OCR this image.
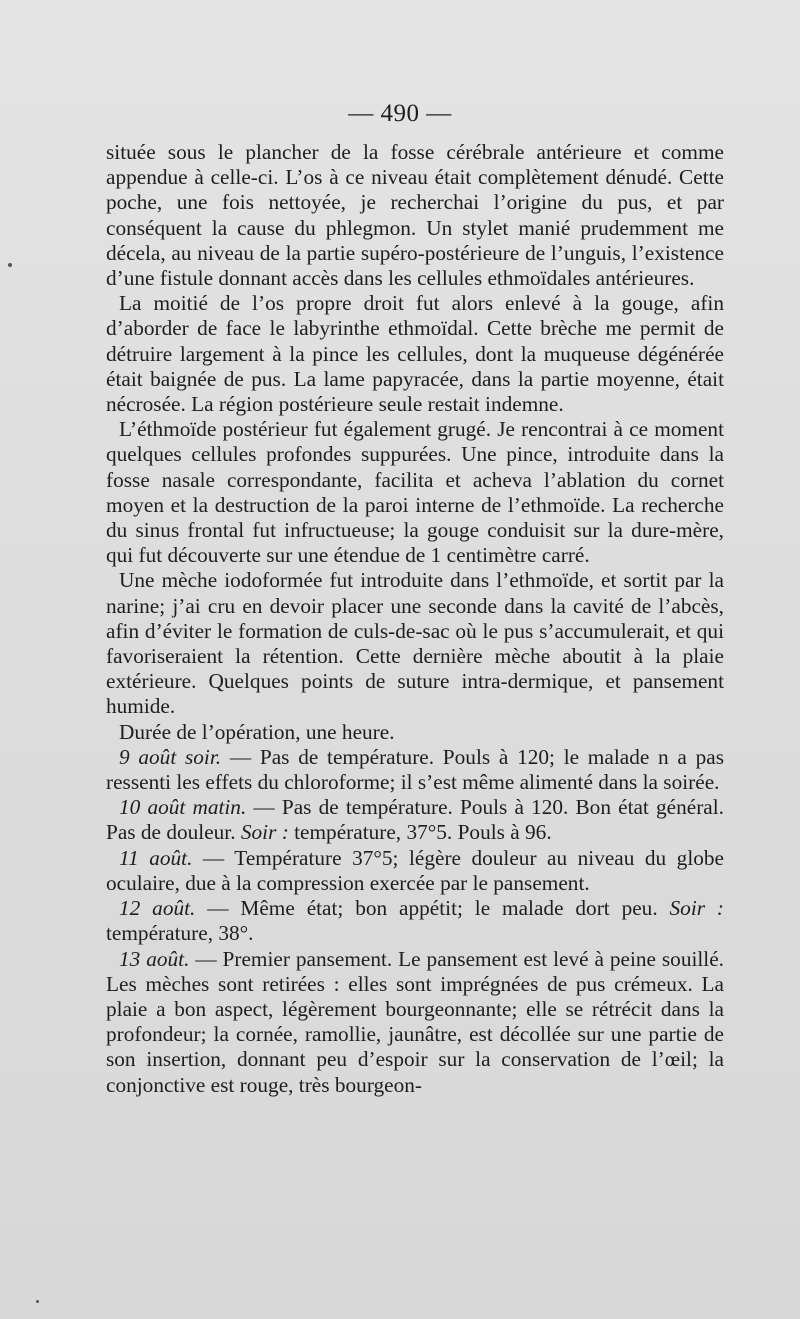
— 490 —

située sous le plancher de la fosse cérébrale antérieure et comme appendue à celle-ci. L’os à ce niveau était complètement dénudé. Cette poche, une fois nettoyée, je recherchai l’origine du pus, et par conséquent la cause du phlegmon. Un stylet manié prudemment me décela, au niveau de la partie supéro-postérieure de l’unguis, l’existence d’une fistule donnant accès dans les cellules ethmoïdales antérieures.

La moitié de l’os propre droit fut alors enlevé à la gouge, afin d’aborder de face le labyrinthe ethmoïdal. Cette brèche me permit de détruire largement à la pince les cellules, dont la muqueuse dégénérée était baignée de pus. La lame papyracée, dans la partie moyenne, était nécrosée. La région postérieure seule restait indemne.

L’éthmoïde postérieur fut également grugé. Je rencontrai à ce moment quelques cellules profondes suppurées. Une pince, introduite dans la fosse nasale correspondante, facilita et acheva l’ablation du cornet moyen et la destruction de la paroi interne de l’ethmoïde. La recherche du sinus frontal fut infructueuse; la gouge conduisit sur la dure-mère, qui fut découverte sur une étendue de 1 centimètre carré.

Une mèche iodoformée fut introduite dans l’ethmoïde, et sortit par la narine; j’ai cru en devoir placer une seconde dans la cavité de l’abcès, afin d’éviter le formation de culs-de-sac où le pus s’accumulerait, et qui favoriseraient la rétention. Cette dernière mèche aboutit à la plaie extérieure. Quelques points de suture intra-dermique, et pansement humide.

Durée de l’opération, une heure.

9 août soir. — Pas de température. Pouls à 120; le malade n a pas ressenti les effets du chloroforme; il s’est même alimenté dans la soirée.

10 août matin. — Pas de température. Pouls à 120. Bon état général. Pas de douleur. Soir : température, 37°5. Pouls à 96.

11 août. — Température 37°5; légère douleur au niveau du globe oculaire, due à la compression exercée par le pansement.

12 août. — Même état; bon appétit; le malade dort peu. Soir : température, 38°.

13 août. — Premier pansement. Le pansement est levé à peine souillé. Les mèches sont retirées : elles sont imprégnées de pus crémeux. La plaie a bon aspect, légèrement bourgeonnante; elle se rétrécit dans la profondeur; la cornée, ramollie, jaunâtre, est décollée sur une partie de son insertion, donnant peu d’espoir sur la conservation de l’œil; la conjonctive est rouge, très bourgeon-
